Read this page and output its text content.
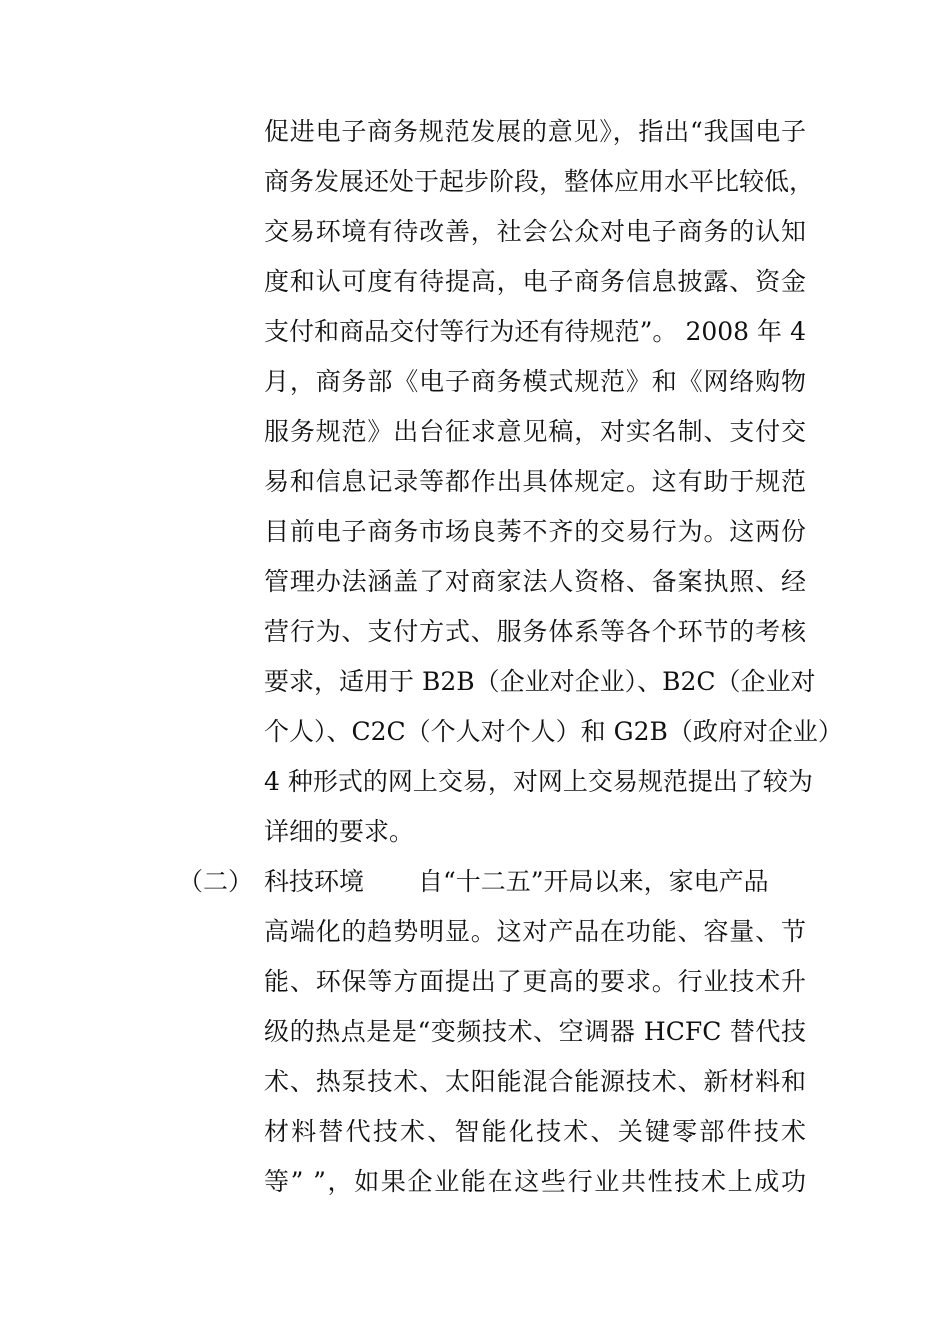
促进电子商务规范发展的意见》，指出“我国电子
商务发展还处于起步阶段，整体应用水平比较低，
交易环境有待改善，社会公众对电子商务的认知
度和认可度有待提高，电子商务信息披露、资金
支付和商品交付等行为还有待规范”。 2008 年 4
月，商务部《电子商务模式规范》和《网络购物
服务规范》出台征求意见稿，对实名制、支付交
易和信息记录等都作出具体规定。这有助于规范
目前电子商务市场良莠不齐的交易行为。这两份
管理办法涵盖了对商家法人资格、备案执照、经
营行为、支付方式、服务体系等各个环节的考核
要求，适用于 B2B（企业对企业）、B2C（企业对
个人）、C2C（个人对个人）和 G2B（政府对企业）
4 种形式的网上交易，对网上交易规范提出了较为
详细的要求。
（二） 科技环境 自“十二五”开局以来，家电产品
高端化的趋势明显。这对产品在功能、容量、节
能、环保等方面提出了更高的要求。行业技术升
级的热点是是“变频技术、空调器 HCFC 替代技
术、热泵技术、太阳能混合能源技术、新材料和
材料替代技术、智能化技术、关键零部件技术
等” ”，如果企业能在这些行业共性技术上成功
